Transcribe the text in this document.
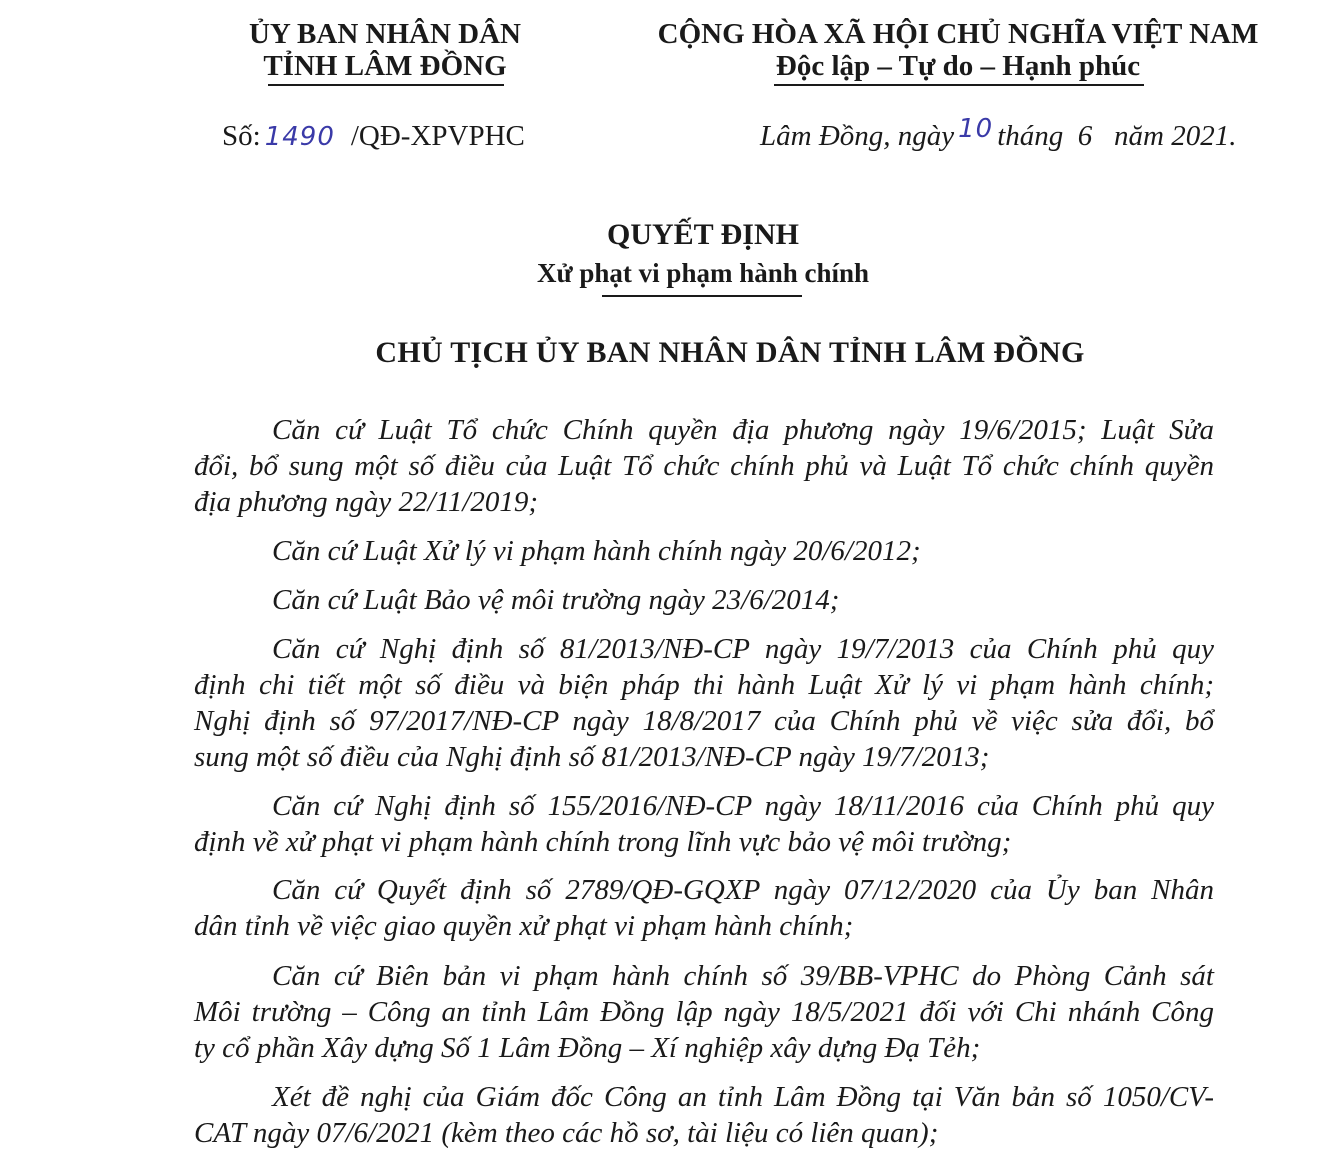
ỦY BAN NHÂN DÂN
TỈNH LÂM ĐỒNG
CỘNG HÒA XÃ HỘI CHỦ NGHĨA VIỆT NAM
Độc lập – Tự do – Hạnh phúc
Số: 1490 /QĐ-XPVPHC	Lâm Đồng, ngày 10 tháng  6   năm 2021.
QUYẾT ĐỊNH
Xử phạt vi phạm hành chính
CHỦ TỊCH ỦY BAN NHÂN DÂN TỈNH LÂM ĐỒNG
Căn cứ Luật Tổ chức Chính quyền địa phương ngày 19/6/2015; Luật Sửa
đổi, bổ sung một số điều của Luật Tổ chức chính phủ và Luật Tổ chức chính quyền
địa phương ngày 22/11/2019;
Căn cứ Luật Xử lý vi phạm hành chính ngày 20/6/2012;
Căn cứ Luật Bảo vệ môi trường ngày 23/6/2014;
Căn cứ Nghị định số 81/2013/NĐ-CP ngày 19/7/2013 của Chính phủ quy
định chi tiết một số điều và biện pháp thi hành Luật Xử lý vi phạm hành chính;
Nghị định số 97/2017/NĐ-CP ngày 18/8/2017 của Chính phủ về việc sửa đổi, bổ
sung một số điều của Nghị định số 81/2013/NĐ-CP ngày 19/7/2013;
Căn cứ Nghị định số 155/2016/NĐ-CP ngày 18/11/2016 của Chính phủ quy
định về xử phạt vi phạm hành chính trong lĩnh vực bảo vệ môi trường;
Căn cứ Quyết định số 2789/QĐ-GQXP ngày 07/12/2020 của Ủy ban Nhân
dân tỉnh về việc giao quyền xử phạt vi phạm hành chính;
Căn cứ Biên bản vi phạm hành chính số 39/BB-VPHC do Phòng Cảnh sát
Môi trường – Công an tỉnh Lâm Đồng lập ngày 18/5/2021 đối với Chi nhánh Công
ty cổ phần Xây dựng Số 1 Lâm Đồng – Xí nghiệp xây dựng Đạ Tẻh;
Xét đề nghị của Giám đốc Công an tỉnh Lâm Đồng tại Văn bản số 1050/CV-
CAT ngày 07/6/2021 (kèm theo các hồ sơ, tài liệu có liên quan);
